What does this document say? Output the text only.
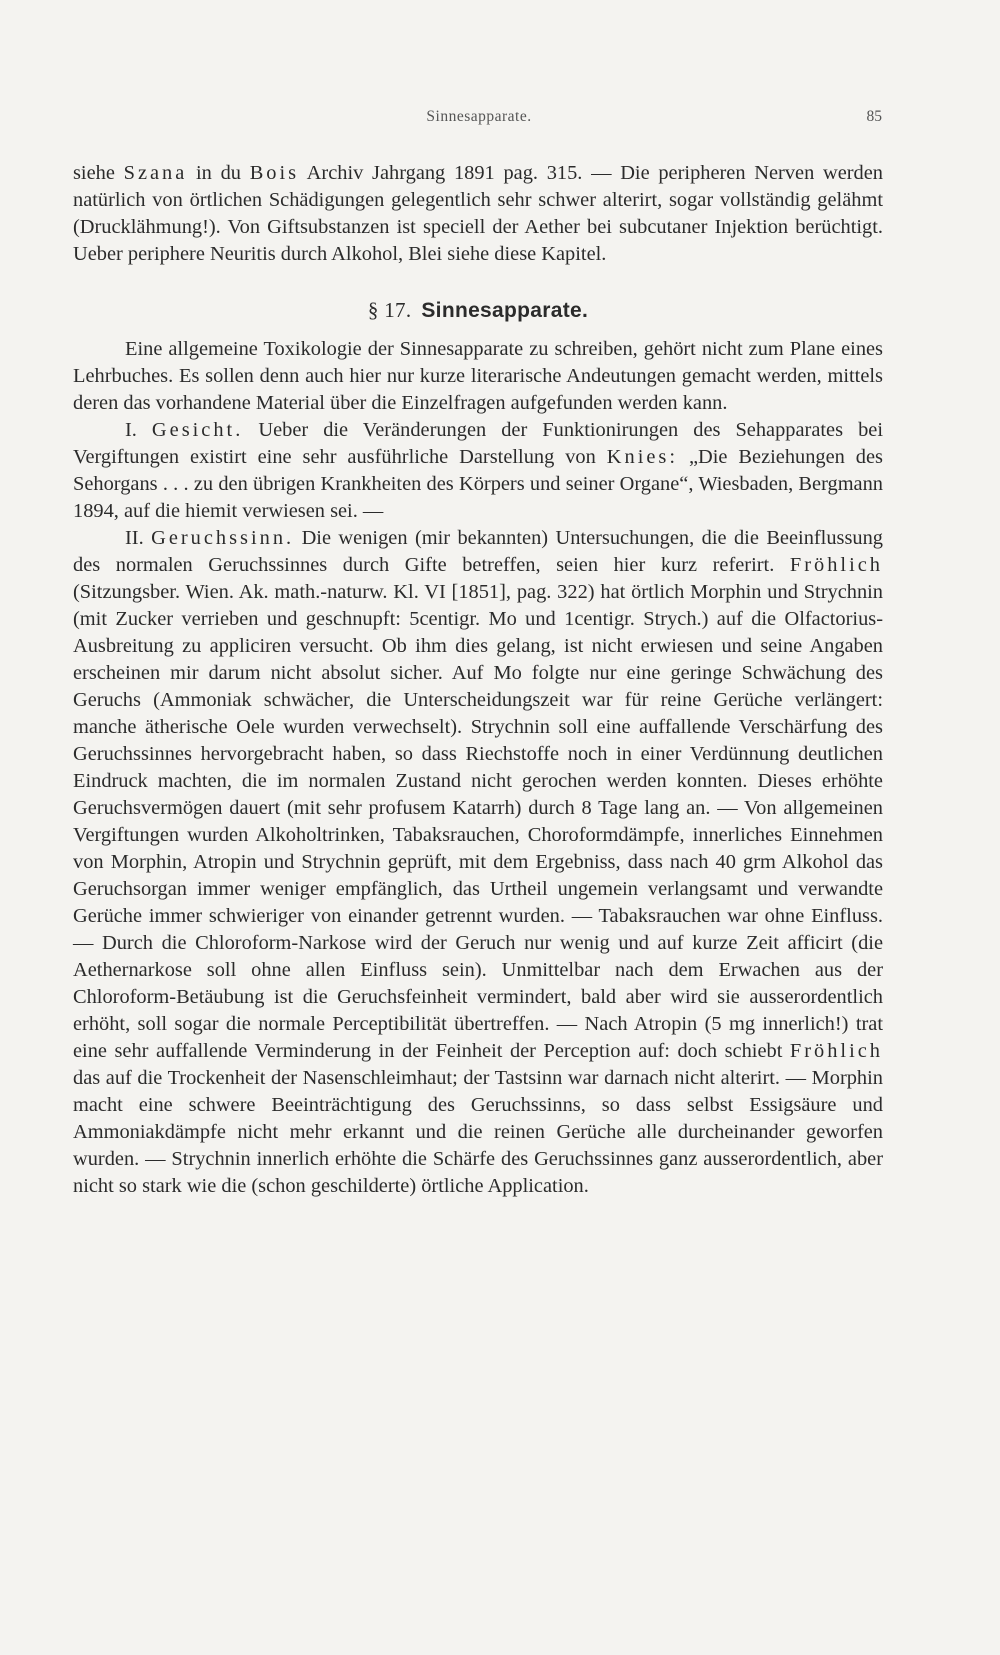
Sinnesapparate.	85

siehe Szana in du Bois Archiv Jahrgang 1891 pag. 315. — Die peripheren Nerven werden natürlich von örtlichen Schädigungen gelegentlich sehr schwer alterirt, sogar vollständig gelähmt (Drucklähmung!). Von Giftsubstanzen ist speciell der Aether bei subcutaner Injektion berüchtigt. Ueber periphere Neuritis durch Alkohol, Blei siehe diese Kapitel.

§ 17. Sinnesapparate.

Eine allgemeine Toxikologie der Sinnesapparate zu schreiben, gehört nicht zum Plane eines Lehrbuches. Es sollen denn auch hier nur kurze literarische Andeutungen gemacht werden, mittels deren das vorhandene Material über die Einzelfragen aufgefunden werden kann.

I. Gesicht. Ueber die Veränderungen der Funktionirungen des Sehapparates bei Vergiftungen existirt eine sehr ausführliche Darstellung von Knies: „Die Beziehungen des Sehorgans . . . zu den übrigen Krankheiten des Körpers und seiner Organe“, Wiesbaden, Bergmann 1894, auf die hiemit verwiesen sei. —

II. Geruchssinn. Die wenigen (mir bekannten) Untersuchungen, die die Beeinflussung des normalen Geruchssinnes durch Gifte betreffen, seien hier kurz referirt. Fröhlich (Sitzungsber. Wien. Ak. math.-naturw. Kl. VI [1851], pag. 322) hat örtlich Morphin und Strychnin (mit Zucker verrieben und geschnupft: 5centigr. Mo und 1centigr. Strych.) auf die Olfactorius-Ausbreitung zu appliciren versucht. Ob ihm dies gelang, ist nicht erwiesen und seine Angaben erscheinen mir darum nicht absolut sicher. Auf Mo folgte nur eine geringe Schwächung des Geruchs (Ammoniak schwächer, die Unterscheidungszeit war für reine Gerüche verlängert: manche ätherische Oele wurden verwechselt). Strychnin soll eine auffallende Verschärfung des Geruchssinnes hervorgebracht haben, so dass Riechstoffe noch in einer Verdünnung deutlichen Eindruck machten, die im normalen Zustand nicht gerochen werden konnten. Dieses erhöhte Geruchsvermögen dauert (mit sehr profusem Katarrh) durch 8 Tage lang an. — Von allgemeinen Vergiftungen wurden Alkoholtrinken, Tabaksrauchen, Choroformdämpfe, innerliches Einnehmen von Morphin, Atropin und Strychnin geprüft, mit dem Ergebniss, dass nach 40 grm Alkohol das Geruchsorgan immer weniger empfänglich, das Urtheil ungemein verlangsamt und verwandte Gerüche immer schwieriger von einander getrennt wurden. — Tabaksrauchen war ohne Einfluss. — Durch die Chloroform-Narkose wird der Geruch nur wenig und auf kurze Zeit afficirt (die Aethernarkose soll ohne allen Einfluss sein). Unmittelbar nach dem Erwachen aus der Chloroform-Betäubung ist die Geruchsfeinheit vermindert, bald aber wird sie ausserordentlich erhöht, soll sogar die normale Perceptibilität übertreffen. — Nach Atropin (5 mg innerlich!) trat eine sehr auffallende Verminderung in der Feinheit der Perception auf: doch schiebt Fröhlich das auf die Trockenheit der Nasenschleimhaut; der Tastsinn war darnach nicht alterirt. — Morphin macht eine schwere Beeinträchtigung des Geruchssinns, so dass selbst Essigsäure und Ammoniakdämpfe nicht mehr erkannt und die reinen Gerüche alle durcheinander geworfen wurden. — Strychnin innerlich erhöhte die Schärfe des Geruchssinnes ganz ausserordentlich, aber nicht so stark wie die (schon geschilderte) örtliche Application.
